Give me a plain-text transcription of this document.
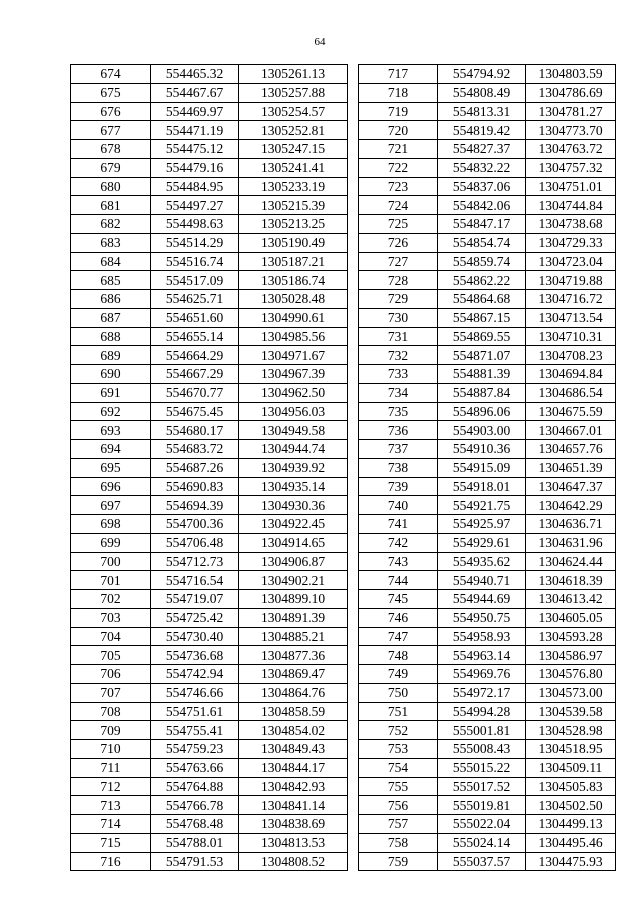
64
674	554465.32	1305261.13
675	554467.67	1305257.88
676	554469.97	1305254.57
677	554471.19	1305252.81
678	554475.12	1305247.15
679	554479.16	1305241.41
680	554484.95	1305233.19
681	554497.27	1305215.39
682	554498.63	1305213.25
683	554514.29	1305190.49
684	554516.74	1305187.21
685	554517.09	1305186.74
686	554625.71	1305028.48
687	554651.60	1304990.61
688	554655.14	1304985.56
689	554664.29	1304971.67
690	554667.29	1304967.39
691	554670.77	1304962.50
692	554675.45	1304956.03
693	554680.17	1304949.58
694	554683.72	1304944.74
695	554687.26	1304939.92
696	554690.83	1304935.14
697	554694.39	1304930.36
698	554700.36	1304922.45
699	554706.48	1304914.65
700	554712.73	1304906.87
701	554716.54	1304902.21
702	554719.07	1304899.10
703	554725.42	1304891.39
704	554730.40	1304885.21
705	554736.68	1304877.36
706	554742.94	1304869.47
707	554746.66	1304864.76
708	554751.61	1304858.59
709	554755.41	1304854.02
710	554759.23	1304849.43
711	554763.66	1304844.17
712	554764.88	1304842.93
713	554766.78	1304841.14
714	554768.48	1304838.69
715	554788.01	1304813.53
716	554791.53	1304808.52
717	554794.92	1304803.59
718	554808.49	1304786.69
719	554813.31	1304781.27
720	554819.42	1304773.70
721	554827.37	1304763.72
722	554832.22	1304757.32
723	554837.06	1304751.01
724	554842.06	1304744.84
725	554847.17	1304738.68
726	554854.74	1304729.33
727	554859.74	1304723.04
728	554862.22	1304719.88
729	554864.68	1304716.72
730	554867.15	1304713.54
731	554869.55	1304710.31
732	554871.07	1304708.23
733	554881.39	1304694.84
734	554887.84	1304686.54
735	554896.06	1304675.59
736	554903.00	1304667.01
737	554910.36	1304657.76
738	554915.09	1304651.39
739	554918.01	1304647.37
740	554921.75	1304642.29
741	554925.97	1304636.71
742	554929.61	1304631.96
743	554935.62	1304624.44
744	554940.71	1304618.39
745	554944.69	1304613.42
746	554950.75	1304605.05
747	554958.93	1304593.28
748	554963.14	1304586.97
749	554969.76	1304576.80
750	554972.17	1304573.00
751	554994.28	1304539.58
752	555001.81	1304528.98
753	555008.43	1304518.95
754	555015.22	1304509.11
755	555017.52	1304505.83
756	555019.81	1304502.50
757	555022.04	1304499.13
758	555024.14	1304495.46
759	555037.57	1304475.93
